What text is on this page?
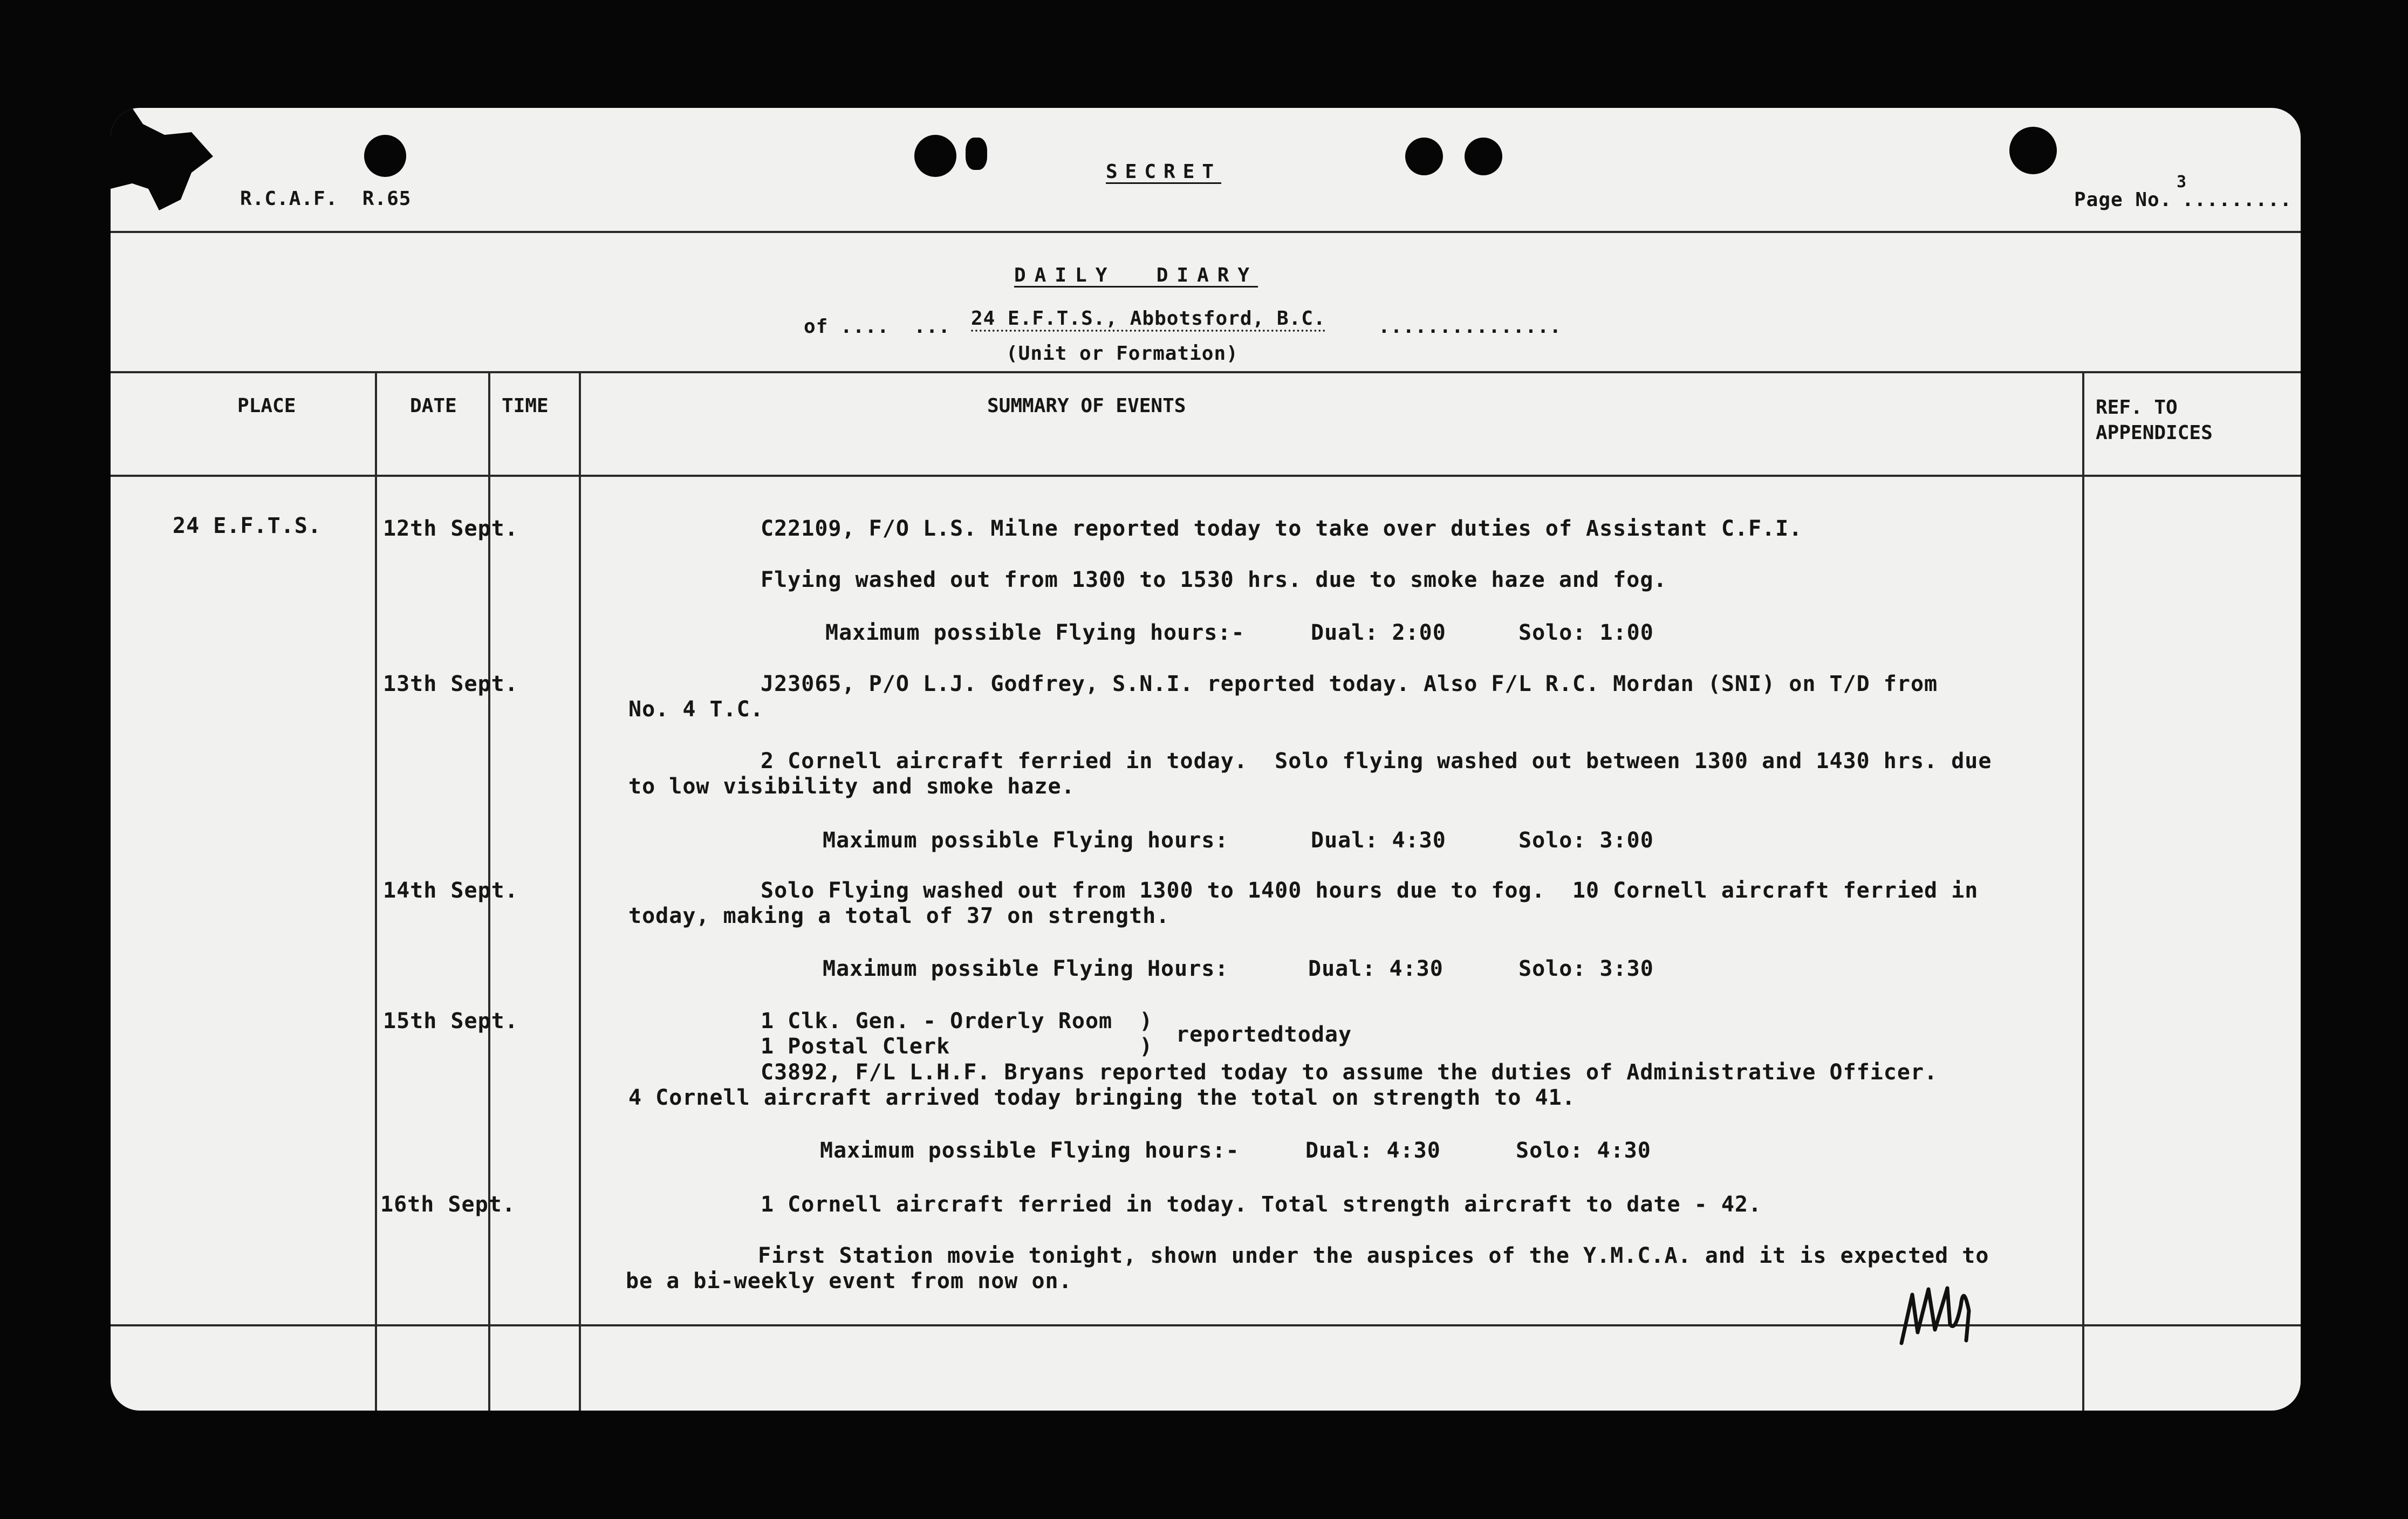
R.C.A.F.  R.65
SECRET
Page No.
3
.........
DAILY  DIARY
of ....  ... 24 E.F.T.S., Abbotsford, B.C.	...............
(Unit or Formation)
PLACE	DATE TIME	SUMMARY OF EVENTS	REF. TO
APPENDICES
24 E.F.T.S.	12th Sept.	C22109, F/O L.S. Milne reported today to take over duties of Assistant C.F.I.
Flying washed out from 1300 to 1530 hrs. due to smoke haze and fog.
Maximum possible Flying hours:-	Dual: 2:00	Solo: 1:00
13th Sept.	J23065, P/O L.J. Godfrey, S.N.I. reported today. Also F/L R.C. Mordan (SNI) on T/D from
No. 4 T.C.
2 Cornell aircraft ferried in today.  Solo flying washed out between 1300 and 1430 hrs. due
to low visibility and smoke haze.
Maximum possible Flying hours:	Dual: 4:30	Solo: 3:00
14th Sept.	Solo Flying washed out from 1300 to 1400 hours due to fog.  10 Cornell aircraft ferried in
today, making a total of 37 on strength.
Maximum possible Flying Hours:	Dual: 4:30	Solo: 3:30
15th Sept.	1 Clk. Gen. - Orderly Room  )
1 Postal Clerk              ) reportedtoday
C3892, F/L L.H.F. Bryans reported today to assume the duties of Administrative Officer.
4 Cornell aircraft arrived today bringing the total on strength to 41.
Maximum possible Flying hours:-	Dual: 4:30	Solo: 4:30
16th Sept.	1 Cornell aircraft ferried in today. Total strength aircraft to date - 42.
First Station movie tonight, shown under the auspices of the Y.M.C.A. and it is expected to
be a bi-weekly event from now on.
